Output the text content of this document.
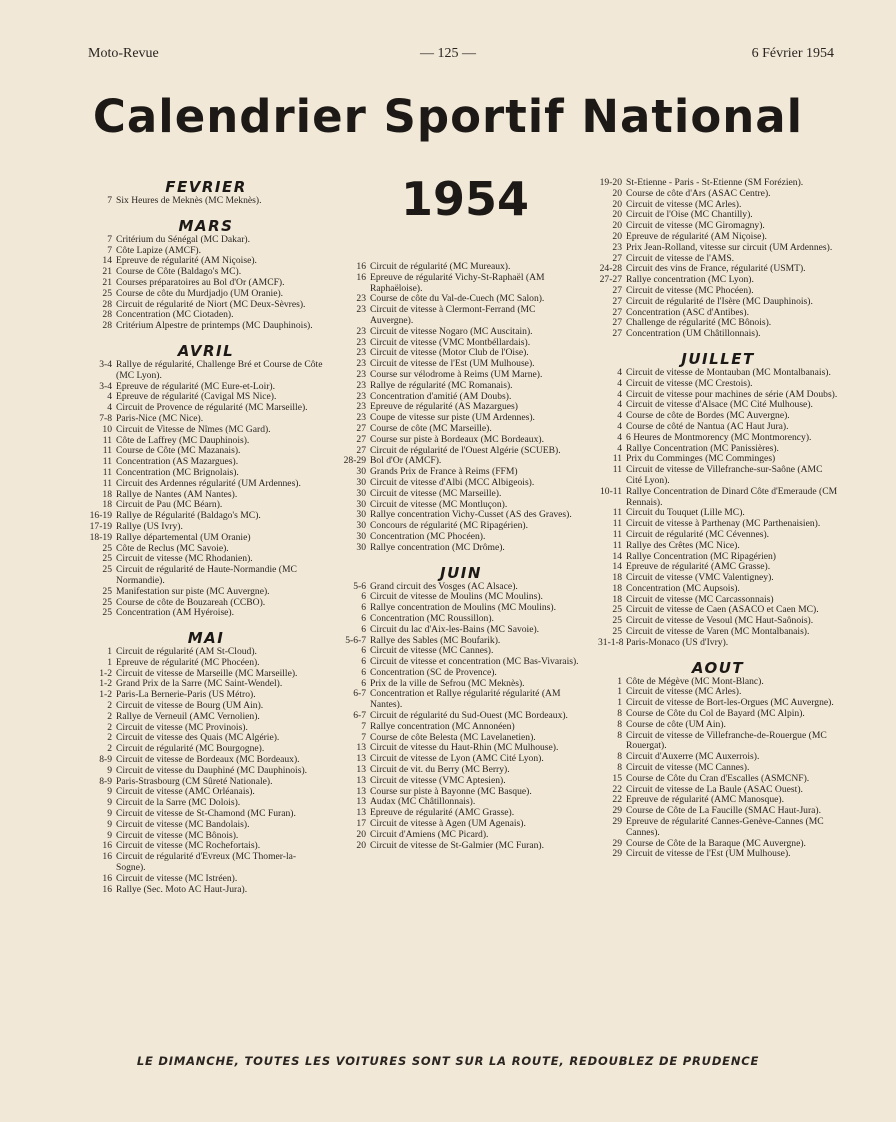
Moto-Revue	— 125 —	6 Février 1954
Calendrier Sportif National
1954
FEVRIER
7 Six Heures de Meknès (MC Meknès).
MARS
7 Critérium du Sénégal (MC Dakar).
7 Côte Lapize (AMCF).
14 Epreuve de régularité (AM Niçoise).
21 Course de Côte (Baldago's MC).
21 Courses préparatoires au Bol d'Or (AMCF).
25 Course de côte du Murdjadjo (UM Oranie).
28 Circuit de régularité de Niort (MC Deux-Sèvres).
28 Concentration (MC Ciotaden).
28 Critérium Alpestre de printemps (MC Dauphinois).
AVRIL
3-4 Rallye de régularité, Challenge Bré et Course de Côte (MC Lyon).
3-4 Epreuve de régularité (MC Eure-et-Loir).
4 Epreuve de régularité (Cavigal MS Nice).
4 Circuit de Provence de régularité (MC Marseille).
7-8 Paris-Nice (MC Nice).
10 Circuit de Vitesse de Nîmes (MC Gard).
11 Côte de Laffrey (MC Dauphinois).
11 Course de Côte (MC Mazanais).
11 Concentration (AS Mazargues).
11 Concentration (MC Brignolais).
11 Circuit des Ardennes régularité (UM Ardennes).
18 Rallye de Nantes (AM Nantes).
18 Circuit de Pau (MC Béarn).
16-19 Rallye de Régularité (Baldago's MC).
17-19 Rallye (US Ivry).
18-19 Rallye départemental (UM Oranie)
25 Côte de Reclus (MC Savoie).
25 Circuit de vitesse (MC Rhodanien).
25 Circuit de régularité de Haute-Normandie (MC Normandie).
25 Manifestation sur piste (MC Auvergne).
25 Course de côte de Bouzareah (CCBO).
25 Concentration (AM Hyéroise).
MAI
1 Circuit de régularité (AM St-Cloud).
1 Epreuve de régularité (MC Phocéen).
1-2 Circuit de vitesse de Marseille (MC Marseille).
1-2 Grand Prix de la Sarre (MC Saint-Wendel).
1-2 Paris-La Bernerie-Paris (US Métro).
2 Circuit de vitesse de Bourg (UM Ain).
2 Rallye de Verneuil (AMC Vernolien).
2 Circuit de vitesse (MC Provinois).
2 Circuit de vitesse des Quais (MC Algérie).
2 Circuit de régularité (MC Bourgogne).
8-9 Circuit de vitesse de Bordeaux (MC Bordeaux).
9 Circuit de vitesse du Dauphiné (MC Dauphinois).
8-9 Paris-Strasbourg (CM Sûreté Nationale).
9 Circuit de vitesse (AMC Orléanais).
9 Circuit de la Sarre (MC Dolois).
9 Circuit de vitesse de St-Chamond (MC Furan).
9 Circuit de vitesse (MC Bandolais).
9 Circuit de vitesse (MC Bônois).
16 Circuit de vitesse (MC Rochefortais).
16 Circuit de régularité d'Evreux (MC Thomer-la-Sogne).
16 Circuit de vitesse (MC Istréen).
16 Rallye (Sec. Moto AC Haut-Jura).
16 Circuit de régularité (MC Mureaux).
16 Epreuve de régularité Vichy-St-Raphaël (AM Raphaëloise).
23 Course de côte du Val-de-Cuech (MC Salon).
23 Circuit de vitesse à Clermont-Ferrand (MC Auvergne).
23 Circuit de vitesse Nogaro (MC Auscitain).
23 Circuit de vitesse (VMC Montbéllardais).
23 Circuit de vitesse (Motor Club de l'Oise).
23 Circuit de vitesse de l'Est (UM Mulhouse).
23 Course sur vélodrome à Reims (UM Marne).
23 Rallye de régularité (MC Romanais).
23 Concentration d'amitié (AM Doubs).
23 Epreuve de régularité (AS Mazargues)
23 Coupe de vitesse sur piste (UM Ardennes).
27 Course de côte (MC Marseille).
27 Course sur piste à Bordeaux (MC Bordeaux).
27 Circuit de régularité de l'Ouest Algérie (SCUEB).
28-29 Bol d'Or (AMCF).
30 Grands Prix de France à Reims (FFM)
30 Circuit de vitesse d'Albi (MCC Albigeois).
30 Circuit de vitesse (MC Marseille).
30 Circuit de vitesse (MC Montluçon).
30 Rallye concentration Vichy-Cusset (AS des Graves).
30 Concours de régularité (MC Ripagérien).
30 Concentration (MC Phocéen).
30 Rallye concentration (MC Drôme).
JUIN
5-6 Grand circuit des Vosges (AC Alsace).
6 Circuit de vitesse de Moulins (MC Moulins).
6 Rallye concentration de Moulins (MC Moulins).
6 Concentration (MC Roussillon).
6 Circuit du lac d'Aix-les-Bains (MC Savoie).
5-6-7 Rallye des Sables (MC Boufarik).
6 Circuit de vitesse (MC Cannes).
6 Circuit de vitesse et concentration (MC Bas-Vivarais).
6 Concentration (SC de Provence).
6 Prix de la ville de Sefrou (MC Meknès).
6-7 Concentration et Rallye régularité régularité (AM Nantes).
6-7 Circuit de régularité du Sud-Ouest (MC Bordeaux).
7 Rallye concentration (MC Annonéen)
7 Course de côte Belesta (MC Lavelanetien).
13 Circuit de vitesse du Haut-Rhin (MC Mulhouse).
13 Circuit de vitesse de Lyon (AMC Cité Lyon).
13 Circuit de vit. du Berry (MC Berry).
13 Circuit de vitesse (VMC Aptesien).
13 Course sur piste à Bayonne (MC Basque).
13 Audax (MC Châtillonnais).
13 Epreuve de régularité (AMC Grasse).
17 Circuit de vitesse à Agen (UM Agenais).
20 Circuit d'Amiens (MC Picard).
20 Circuit de vitesse de St-Galmier (MC Furan).
19-20 St-Etienne - Paris - St-Etienne (SM Forézien).
20 Course de côte d'Ars (ASAC Centre).
20 Circuit de vitesse (MC Arles).
20 Circuit de l'Oise (MC Chantilly).
20 Circuit de vitesse (MC Giromagny).
20 Epreuve de régularité (AM Niçoise).
23 Prix Jean-Rolland, vitesse sur circuit (UM Ardennes).
27 Circuit de vitesse de l'AMS.
24-28 Circuit des vins de France, régularité (USMT).
27-27 Rallye concentration (MC Lyon).
27 Circuit de vitesse (MC Phocéen).
27 Circuit de régularité de l'Isère (MC Dauphinois).
27 Concentration (ASC d'Antibes).
27 Challenge de régularité (MC Bônois).
27 Concentration (UM Châtillonnais).
JUILLET
4 Circuit de vitesse de Montauban (MC Montalbanais).
4 Circuit de vitesse (MC Crestois).
4 Circuit de vitesse pour machines de série (AM Doubs).
4 Circuit de vitesse d'Alsace (MC Cité Mulhouse).
4 Course de côte de Bordes (MC Auvergne).
4 Course de côté de Nantua (AC Haut Jura).
4 6 Heures de Montmorency (MC Montmorency).
4 Rallye Concentration (MC Panissières).
11 Prix du Comminges (MC Comminges)
11 Circuit de vitesse de Villefranche-sur-Saône (AMC Cité Lyon).
10-11 Rallye Concentration de Dinard Côte d'Emeraude (CM Rennais).
11 Circuit du Touquet (Lille MC).
11 Circuit de vitesse à Parthenay (MC Parthenaisien).
11 Circuit de régularité (MC Cévennes).
11 Rallye des Crêtes (MC Nice).
14 Rallye Concentration (MC Ripagérien)
14 Epreuve de régularité (AMC Grasse).
18 Circuit de vitesse (VMC Valentigney).
18 Concentration (MC Aupsois).
18 Circuit de vitesse (MC Carcassonnais)
25 Circuit de vitesse de Caen (ASACO et Caen MC).
25 Circuit de vitesse de Vesoul (MC Haut-Saônois).
25 Circuit de vitesse de Varen (MC Montalbanais).
31-1-8 Paris-Monaco (US d'Ivry).
AOUT
1 Côte de Mégève (MC Mont-Blanc).
1 Circuit de vitesse (MC Arles).
1 Circuit de vitesse de Bort-les-Orgues (MC Auvergne).
8 Course de Côte du Col de Bayard (MC Alpin).
8 Course de côte (UM Ain).
8 Circuit de vitesse de Villefranche-de-Rouergue (MC Rouergat).
8 Circuit d'Auxerre (MC Auxerrois).
8 Circuit de vitesse (MC Cannes).
15 Course de Côte du Cran d'Escalles (ASMCNF).
22 Circuit de vitesse de La Baule (ASAC Ouest).
22 Epreuve de régularité (AMC Manosque).
29 Course de Côte de La Faucille (SMAC Haut-Jura).
29 Epreuve de régularité Cannes-Genève-Cannes (MC Cannes).
29 Course de Côte de la Baraque (MC Auvergne).
29 Circuit de vitesse de l'Est (UM Mulhouse).
LE DIMANCHE, TOUTES LES VOITURES SONT SUR LA ROUTE, REDOUBLEZ DE PRUDENCE
